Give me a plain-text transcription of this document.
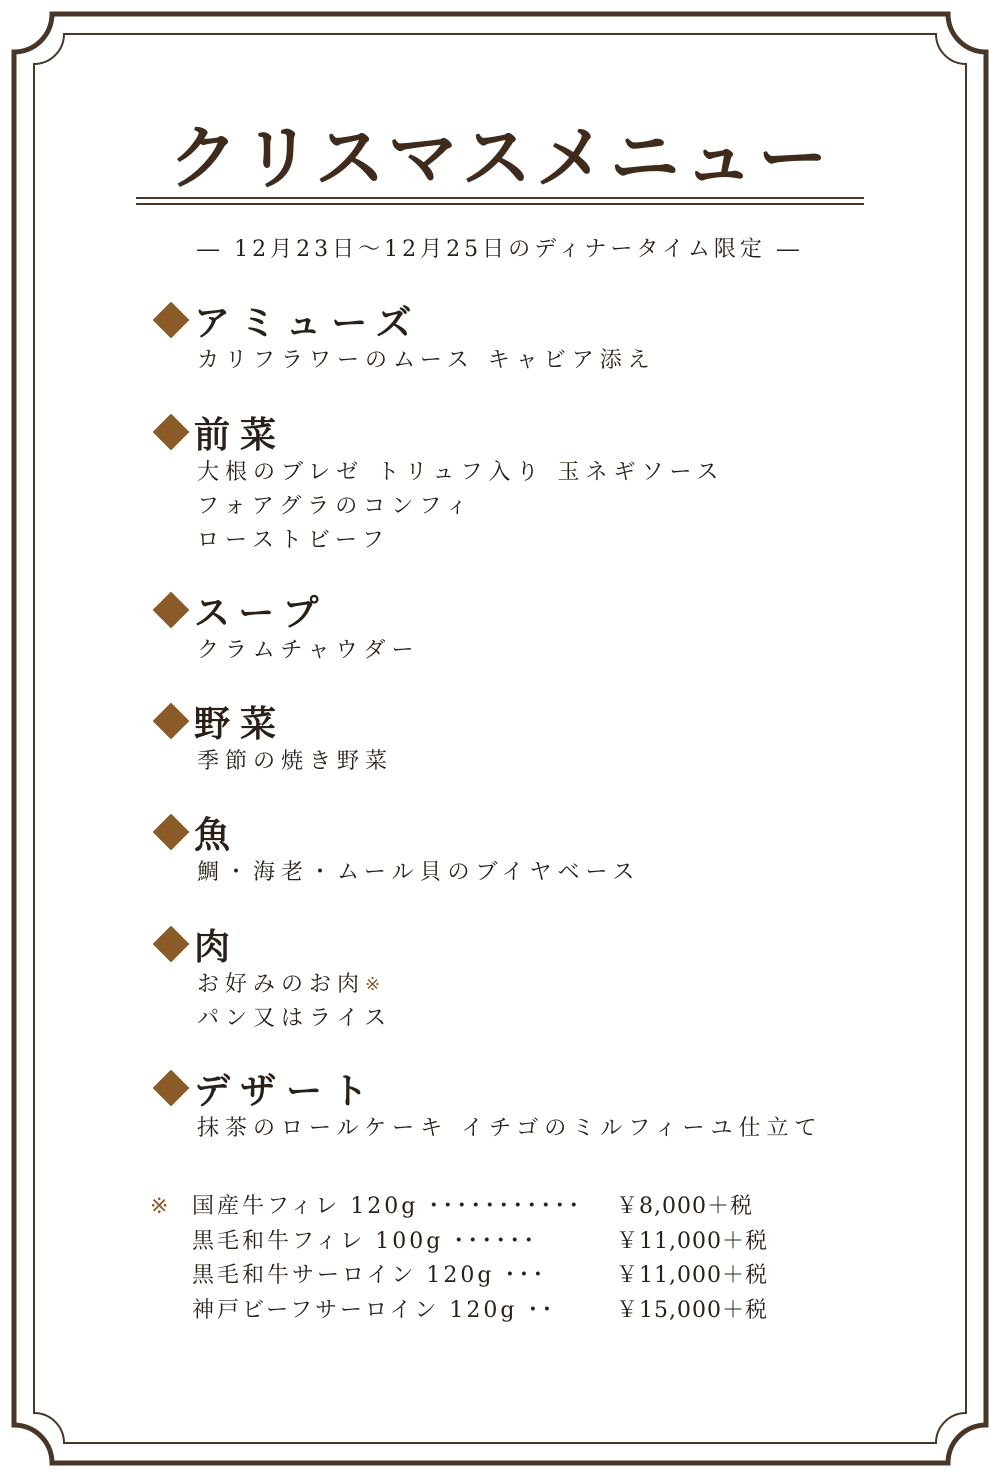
クリスマスメニュー
― 12月23日～12月25日のディナータイム限定 ―
アミューズ
カリフラワーのムース キャビア添え
前菜
大根のブレゼ トリュフ入り 玉ネギソース
フォアグラのコンフィ
ローストビーフ
スープ
クラムチャウダー
野菜
季節の焼き野菜
魚
鯛・海老・ムール貝のブイヤベース
肉
お好みのお肉※
パン又はライス
デザート
抹茶のロールケーキ イチゴのミルフィーユ仕立て
※	国産牛フィレ 120g ･･･････････	￥8,000＋税
黒毛和牛フィレ 100g ･･････	￥11,000＋税
黒毛和牛サーロイン 120g ･･･	￥11,000＋税
神戸ビーフサーロイン 120g ･･	￥15,000＋税
